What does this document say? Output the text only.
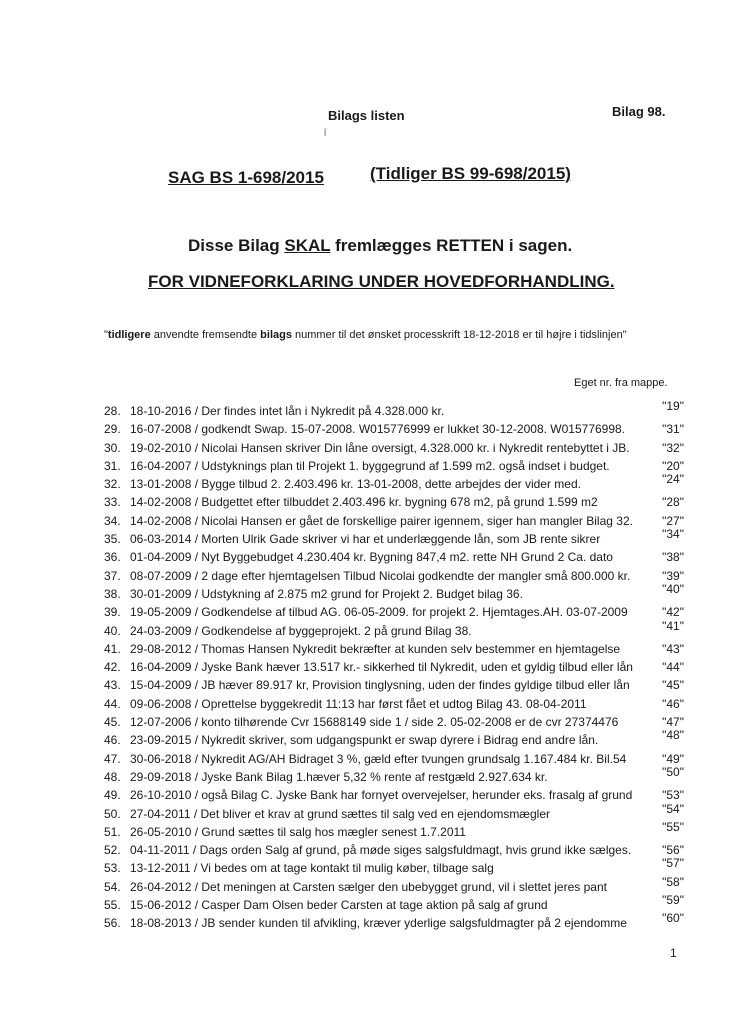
Bilags listen	Bilag 98.
l
SAG BS 1-698/2015	(Tidliger BS 99-698/2015)
Disse Bilag SKAL fremlægges RETTEN i sagen.
FOR VIDNEFORKLARING UNDER HOVEDFORHANDLING.
"tidligere anvendte fremsendte bilags nummer til det ønsket processkrift 18-12-2018 er til højre i tidslinjen"
Eget nr. fra mappe.
28. 18-10-2016 / Der findes intet lån i Nykredit på 4.328.000 kr.	"19"
29. 16-07-2008 / godkendt Swap. 15-07-2008. W015776999 er lukket 30-12-2008. W015776998.	"31"
30. 19-02-2010 / Nicolai Hansen skriver Din låne oversigt, 4.328.000 kr. i Nykredit rentebyttet i JB.	"32"
31. 16-04-2007 / Udstyknings plan til Projekt 1. byggegrund af 1.599 m2. også indset i budget.	"20"
32. 13-01-2008 / Bygge tilbud 2. 2.403.496 kr. 13-01-2008, dette arbejdes der vider med.	"24"
33. 14-02-2008 / Budgettet efter tilbuddet 2.403.496 kr. bygning 678 m2, på grund 1.599 m2	"28"
34. 14-02-2008 / Nicolai Hansen er gået de forskellige pairer igennem, siger han mangler Bilag 32. "27"
35. 06-03-2014 / Morten Ulrik Gade skriver vi har et underlæggende lån, som JB rente sikrer	"34"
36. 01-04-2009 / Nyt Byggebudget 4.230.404 kr. Bygning 847,4 m2. rette NH Grund 2 Ca. dato	"38"
37. 08-07-2009 / 2 dage efter hjemtagelsen Tilbud Nicolai godkendte der mangler små 800.000 kr.	"39"
38. 30-01-2009 / Udstykning af 2.875 m2 grund for Projekt 2. Budget bilag 36.	"40"
39. 19-05-2009 / Godkendelse af tilbud AG. 06-05-2009. for projekt 2. Hjemtages.AH. 03-07-2009	"42"
40. 24-03-2009 / Godkendelse af byggeprojekt. 2 på grund Bilag 38.	"41"
41. 29-08-2012 / Thomas Hansen Nykredit bekræfter at kunden selv bestemmer en hjemtagelse	"43"
42. 16-04-2009 / Jyske Bank hæver 13.517 kr.- sikkerhed til Nykredit, uden et gyldig tilbud eller lån "44"
43. 15-04-2009 / JB hæver 89.917 kr, Provision tinglysning, uden der findes gyldige tilbud eller lån	"45"
44. 09-06-2008 / Oprettelse byggekredit 11:13 har først fået et udtog Bilag 43. 08-04-2011	"46"
45. 12-07-2006 / konto tilhørende Cvr 15688149 side 1 / side 2. 05-02-2008 er de cvr 27374476	"47"
46. 23-09-2015 / Nykredit skriver, som udgangspunkt er swap dyrere i Bidrag end andre lån.	"48"
47. 30-06-2018 / Nykredit AG/AH Bidraget 3 %, gæld efter tvungen grundsalg 1.167.484 kr. Bil.54	"49"
48. 29-09-2018 / Jyske Bank Bilag 1.hæver 5,32 % rente af restgæld 2.927.634 kr.	"50"
49. 26-10-2010 / også Bilag C. Jyske Bank har fornyet overvejelser, herunder eks. frasalg af grund "53"
50. 27-04-2011 / Det bliver et krav at grund sættes til salg ved en ejendomsmægler	"54"
51. 26-05-2010 / Grund sættes til salg hos mægler senest 1.7.2011	"55"
52. 04-11-2011 / Dags orden Salg af grund, på møde siges salgsfuldmagt, hvis grund ikke sælges.	"56"
53. 13-12-2011 / Vi bedes om at tage kontakt til mulig køber, tilbage salg	"57"
54. 26-04-2012 / Det meningen at Carsten sælger den ubebygget grund, vil i slettet jeres pant	"58"
55. 15-06-2012 / Casper Dam Olsen beder Carsten at tage aktion på salg af grund	"59"
56. 18-08-2013 / JB sender kunden til afvikling, kræver yderlige salgsfuldmagter på 2 ejendomme	"60"
1
